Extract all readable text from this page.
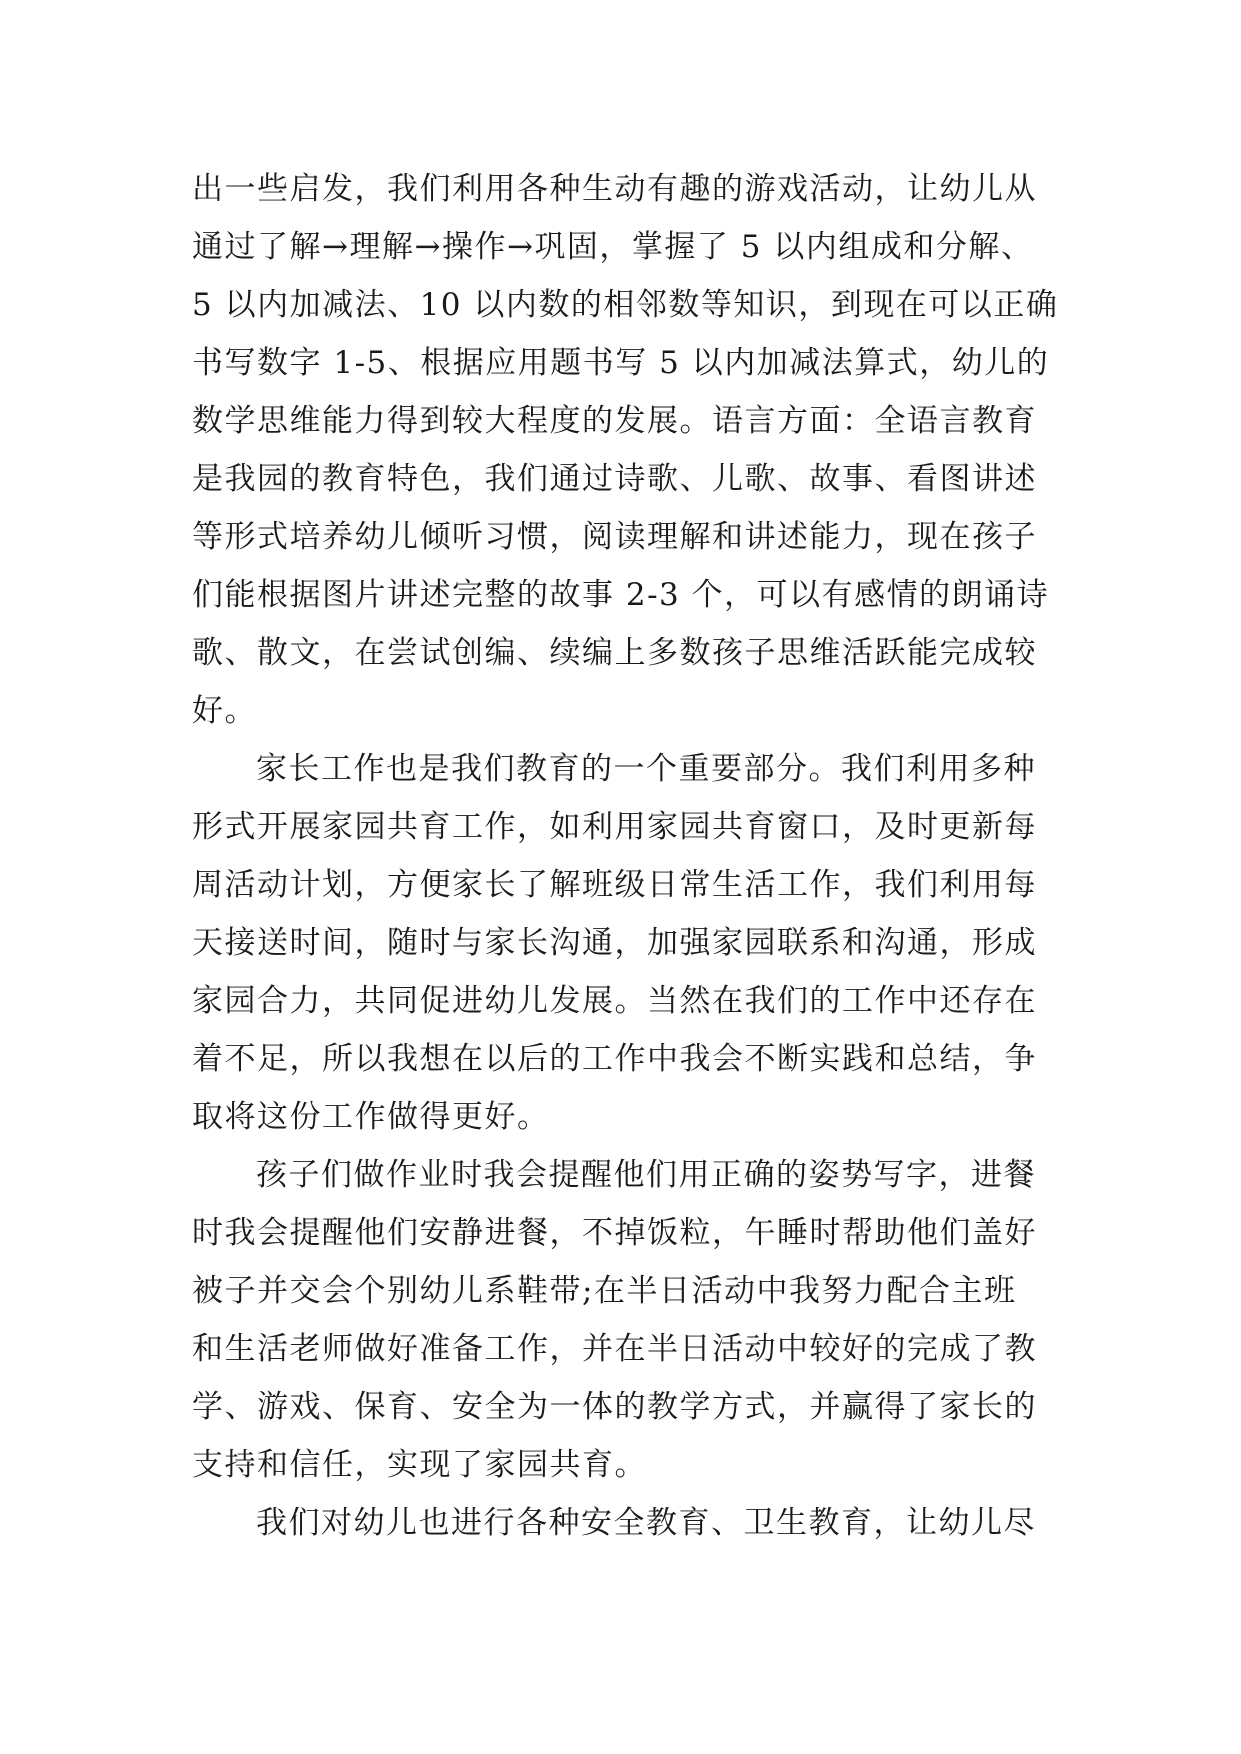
出一些启发，我们利用各种生动有趣的游戏活动，让幼儿从
通过了解→理解→操作→巩固，掌握了 5 以内组成和分解、
5 以内加减法、10 以内数的相邻数等知识，到现在可以正确
书写数字 1-5、根据应用题书写 5 以内加减法算式，幼儿的
数学思维能力得到较大程度的发展。语言方面：全语言教育
是我园的教育特色，我们通过诗歌、儿歌、故事、看图讲述
等形式培养幼儿倾听习惯，阅读理解和讲述能力，现在孩子
们能根据图片讲述完整的故事 2-3 个，可以有感情的朗诵诗
歌、散文，在尝试创编、续编上多数孩子思维活跃能完成较
好。
家长工作也是我们教育的一个重要部分。我们利用多种
形式开展家园共育工作，如利用家园共育窗口，及时更新每
周活动计划，方便家长了解班级日常生活工作，我们利用每
天接送时间，随时与家长沟通，加强家园联系和沟通，形成
家园合力，共同促进幼儿发展。当然在我们的工作中还存在
着不足，所以我想在以后的工作中我会不断实践和总结，争
取将这份工作做得更好。
孩子们做作业时我会提醒他们用正确的姿势写字，进餐
时我会提醒他们安静进餐，不掉饭粒，午睡时帮助他们盖好
被子并交会个别幼儿系鞋带;在半日活动中我努力配合主班
和生活老师做好准备工作，并在半日活动中较好的完成了教
学、游戏、保育、安全为一体的教学方式，并赢得了家长的
支持和信任，实现了家园共育。
我们对幼儿也进行各种安全教育、卫生教育，让幼儿尽
